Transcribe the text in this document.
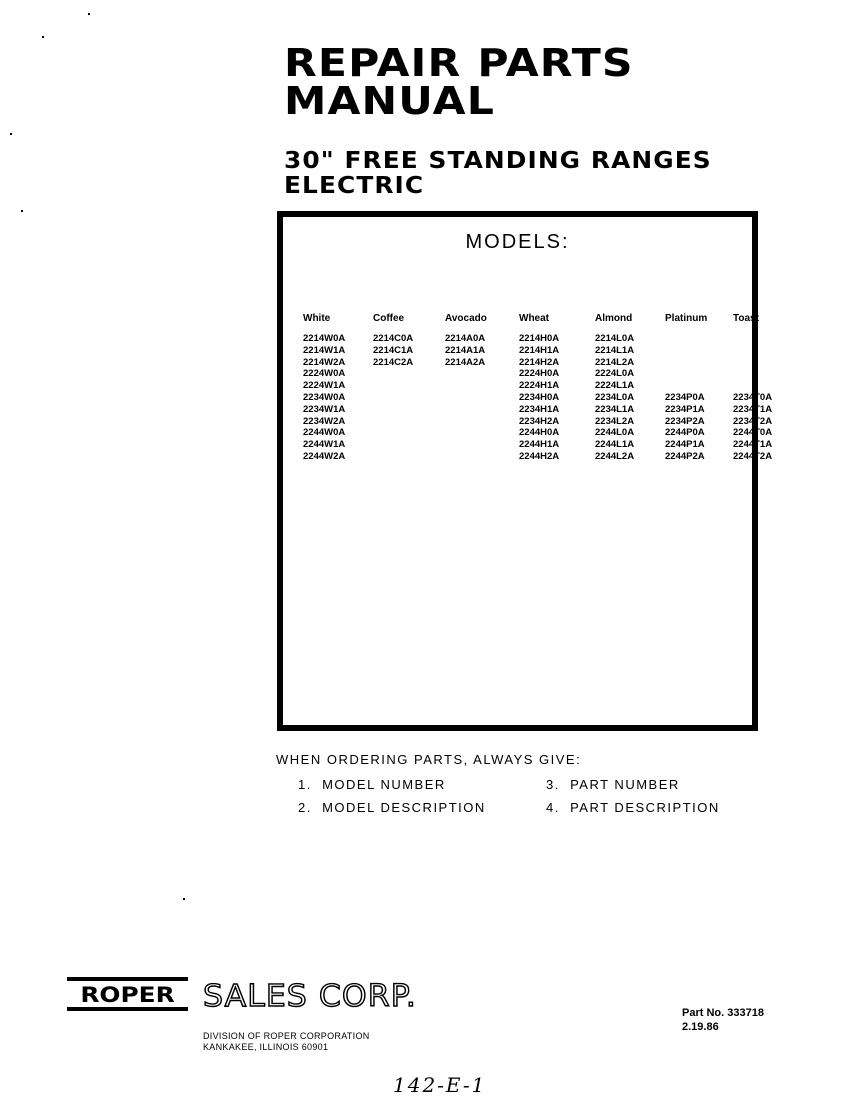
REPAIR PARTS
MANUAL
30" FREE STANDING RANGES
ELECTRIC
MODELS:
White
2214W0A
2214W1A
2214W2A
2224W0A
2224W1A
2234W0A
2234W1A
2234W2A
2244W0A
2244W1A
2244W2A
Coffee
2214C0A
2214C1A
2214C2A
Avocado
2214A0A
2214A1A
2214A2A
Wheat
2214H0A
2214H1A
2214H2A
2224H0A
2224H1A
2234H0A
2234H1A
2234H2A
2244H0A
2244H1A
2244H2A
Almond
2214L0A
2214L1A
2214L2A
2224L0A
2224L1A
2234L0A
2234L1A
2234L2A
2244L0A
2244L1A
2244L2A
Platinum
2234P0A
2234P1A
2234P2A
2244P0A
2244P1A
2244P2A
Toast
2234T0A
2234T1A
2234T2A
2244T0A
2244T1A
2244T2A
WHEN ORDERING PARTS, ALWAYS GIVE:
1. MODEL NUMBER
2. MODEL DESCRIPTION
3. PART NUMBER
4. PART DESCRIPTION
ROPER SALES CORP.
DIVISION OF ROPER CORPORATION
KANKAKEE, ILLINOIS 60901
Part No. 333718
2.19.86
142-E-1
